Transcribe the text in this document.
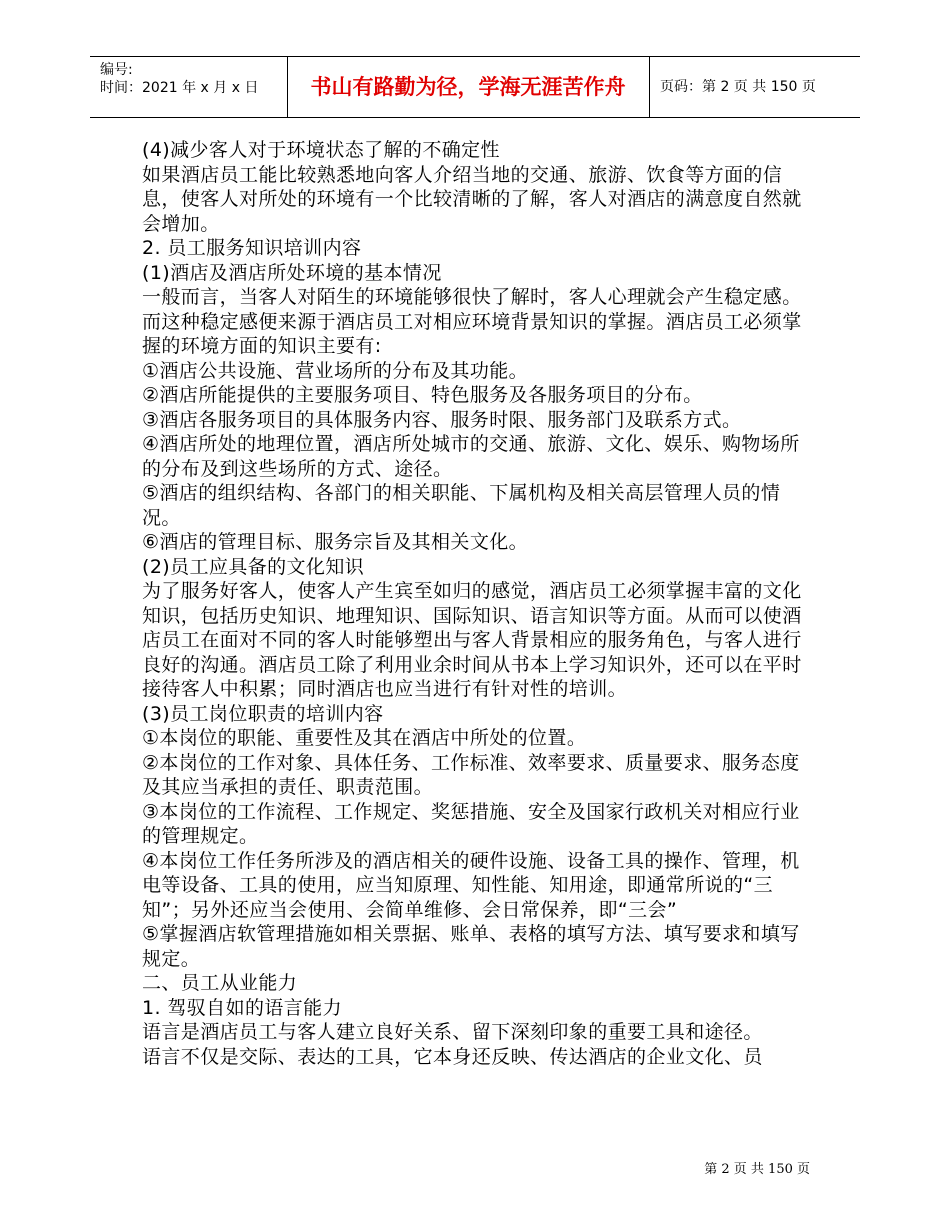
编号:
时间：2021 年 x 月 x 日	书山有路勤为径，学海无涯苦作舟	页码：第 2 页 共 150 页

(4)减少客人对于环境状态了解的不确定性

如果酒店员工能比较熟悉地向客人介绍当地的交通、旅游、饮食等方面的信息，使客人对所处的环境有一个比较清晰的了解，客人对酒店的满意度自然就会增加。

2. 员工服务知识培训内容

(1)酒店及酒店所处环境的基本情况

一般而言，当客人对陌生的环境能够很快了解时，客人心理就会产生稳定感。而这种稳定感便来源于酒店员工对相应环境背景知识的掌握。酒店员工必须掌握的环境方面的知识主要有:

①酒店公共设施、营业场所的分布及其功能。

②酒店所能提供的主要服务项目、特色服务及各服务项目的分布。

③酒店各服务项目的具体服务内容、服务时限、服务部门及联系方式。

④酒店所处的地理位置，酒店所处城市的交通、旅游、文化、娱乐、购物场所的分布及到这些场所的方式、途径。

⑤酒店的组织结构、各部门的相关职能、下属机构及相关高层管理人员的情况。

⑥酒店的管理目标、服务宗旨及其相关文化。

(2)员工应具备的文化知识

为了服务好客人，使客人产生宾至如归的感觉，酒店员工必须掌握丰富的文化知识，包括历史知识、地理知识、国际知识、语言知识等方面。从而可以使酒店员工在面对不同的客人时能够塑出与客人背景相应的服务角色，与客人进行良好的沟通。酒店员工除了利用业余时间从书本上学习知识外，还可以在平时接待客人中积累；同时酒店也应当进行有针对性的培训。

(3)员工岗位职责的培训内容

①本岗位的职能、重要性及其在酒店中所处的位置。

②本岗位的工作对象、具体任务、工作标准、效率要求、质量要求、服务态度及其应当承担的责任、职责范围。

③本岗位的工作流程、工作规定、奖惩措施、安全及国家行政机关对相应行业的管理规定。

④本岗位工作任务所涉及的酒店相关的硬件设施、设备工具的操作、管理，机电等设备、工具的使用，应当知原理、知性能、知用途，即通常所说的“三知”；另外还应当会使用、会简单维修、会日常保养，即“三会”

⑤掌握酒店软管理措施如相关票据、账单、表格的填写方法、填写要求和填写规定。

二、员工从业能力

1. 驾驭自如的语言能力

语言是酒店员工与客人建立良好关系、留下深刻印象的重要工具和途径。

语言不仅是交际、表达的工具，它本身还反映、传达酒店的企业文化、员

第 2 页 共 150 页
